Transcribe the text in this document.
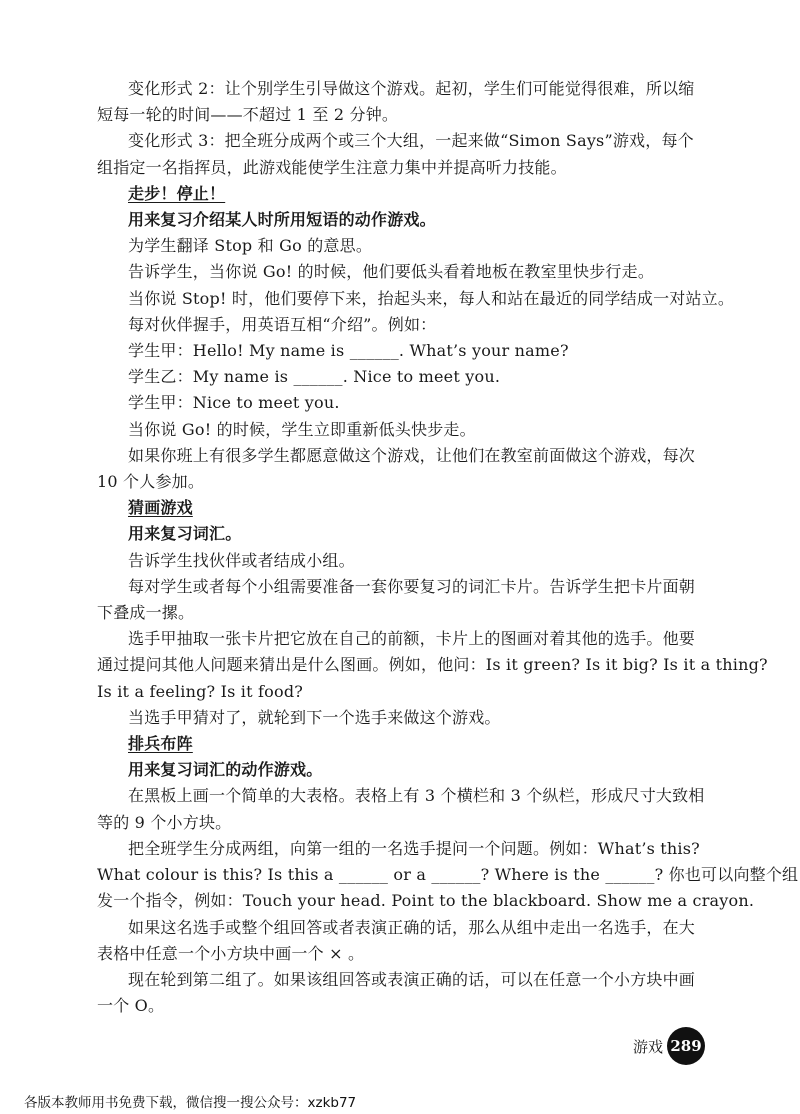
变化形式 2：让个别学生引导做这个游戏。起初，学生们可能觉得很难，所以缩
短每一轮的时间——不超过 1 至 2 分钟。
变化形式 3：把全班分成两个或三个大组，一起来做“Simon Says”游戏，每个
组指定一名指挥员，此游戏能使学生注意力集中并提高听力技能。
走步！停止！
用来复习介绍某人时所用短语的动作游戏。
为学生翻译 Stop 和 Go 的意思。
告诉学生，当你说 Go! 的时候，他们要低头看着地板在教室里快步行走。
当你说 Stop! 时，他们要停下来，抬起头来，每人和站在最近的同学结成一对站立。
每对伙伴握手，用英语互相“介绍”。例如：
学生甲：Hello! My name is ______. What’s your name?
学生乙：My name is ______. Nice to meet you.
学生甲：Nice to meet you.
当你说 Go! 的时候，学生立即重新低头快步走。
如果你班上有很多学生都愿意做这个游戏，让他们在教室前面做这个游戏，每次
10 个人参加。
猜画游戏
用来复习词汇。
告诉学生找伙伴或者结成小组。
每对学生或者每个小组需要准备一套你要复习的词汇卡片。告诉学生把卡片面朝
下叠成一摞。
选手甲抽取一张卡片把它放在自己的前额，卡片上的图画对着其他的选手。他要
通过提问其他人问题来猜出是什么图画。例如，他问：Is it green? Is it big? Is it a thing?
Is it a feeling? Is it food?
当选手甲猜对了，就轮到下一个选手来做这个游戏。
排兵布阵
用来复习词汇的动作游戏。
在黑板上画一个简单的大表格。表格上有 3 个横栏和 3 个纵栏，形成尺寸大致相
等的 9 个小方块。
把全班学生分成两组，向第一组的一名选手提问一个问题。例如：What’s this?
What colour is this? Is this a ______ or a ______? Where is the ______? 你也可以向整个组
发一个指令，例如：Touch your head. Point to the blackboard. Show me a crayon.
如果这名选手或整个组回答或者表演正确的话，那么从组中走出一名选手，在大
表格中任意一个小方块中画一个 × 。
现在轮到第二组了。如果该组回答或表演正确的话，可以在任意一个小方块中画
一个 O。
游戏 289
各版本教师用书免费下载，微信搜一搜公众号：xzkb77
